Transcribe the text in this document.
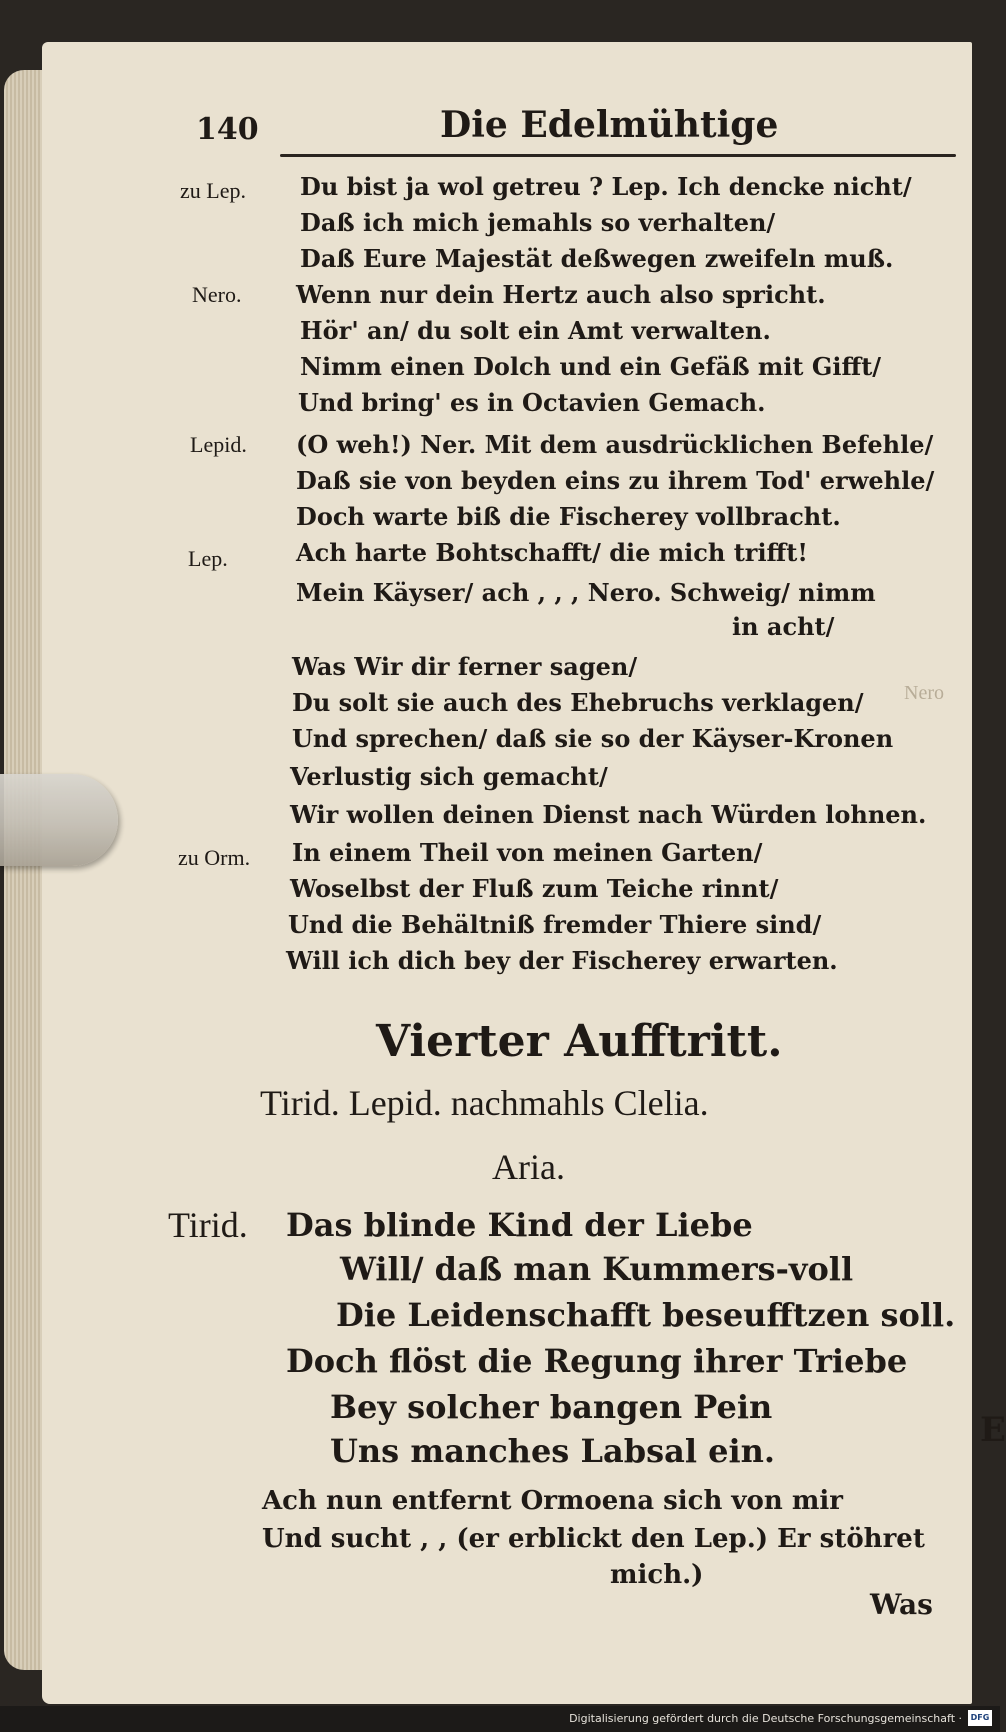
140	Die Edelmühtige
zu Lep.
Nero.
Lepid.
Lep.
zu Orm.
Du bist ja wol getreu ? Lep. Ich dencke nicht/
Daß ich mich jemahls so verhalten/
Daß Eure Majestät deßwegen zweifeln muß.
Wenn nur dein Hertz auch also spricht.
Hör' an/ du solt ein Amt verwalten.
Nimm einen Dolch und ein Gefäß mit Gifft/
Und bring' es in Octavien Gemach.
(O weh!) Ner. Mit dem ausdrücklichen Befehle/
Daß sie von beyden eins zu ihrem Tod' erwehle/
Doch warte biß die Fischerey vollbracht.
Ach harte Bohtschafft/ die mich trifft!
Mein Käyser/ ach , , , Nero. Schweig/ nimm
in acht/
Was Wir dir ferner sagen/
Du solt sie auch des Ehebruchs verklagen/
Und sprechen/ daß sie so der Käyser-Kronen
Verlustig sich gemacht/
Wir wollen deinen Dienst nach Würden lohnen.
In einem Theil von meinen Garten/
Woselbst der Fluß zum Teiche rinnt/
Und die Behältniß fremder Thiere sind/
Will ich dich bey der Fischerey erwarten.
Vierter Aufftritt.
Tirid. Lepid. nachmahls Clelia.
Aria.
Tirid. Das blinde Kind der Liebe
Will/ daß man Kummers-voll
Die Leidenschafft beseufftzen soll.
Doch flöst die Regung ihrer Triebe
Bey solcher bangen Pein
Uns manches Labsal ein.
Ach nun entfernt Ormoena sich von mir
Und sucht , , (er erblickt den Lep.) Er stöhret
mich.)
Was
Nero
E
Digitalisierung gefördert durch die Deutsche Forschungsgemeinschaft ·	DFG
